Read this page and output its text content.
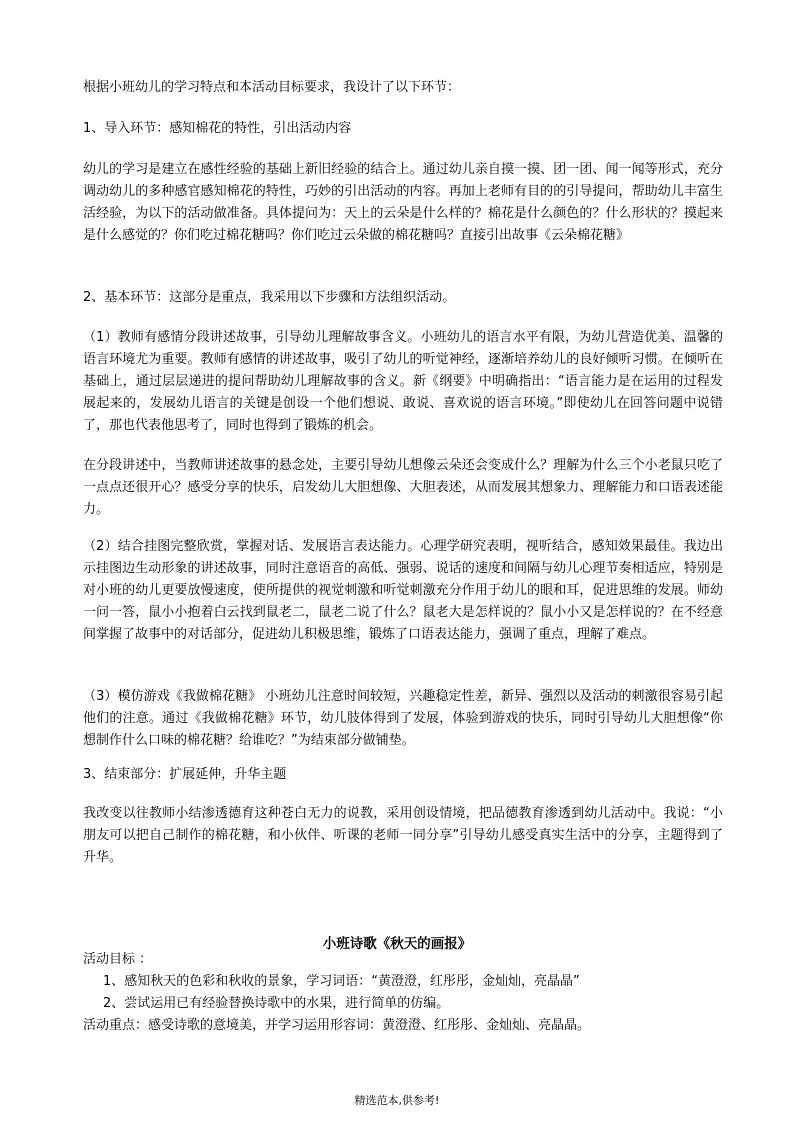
根据小班幼儿的学习特点和本活动目标要求，我设计了以下环节：

1、导入环节：感知棉花的特性，引出活动内容

幼儿的学习是建立在感性经验的基础上新旧经验的结合上。通过幼儿亲自摸一摸、团一团、闻一闻等形式，充分调动幼儿的多种感官感知棉花的特性，巧妙的引出活动的内容。再加上老师有目的的引导提问，帮助幼儿丰富生活经验，为以下的活动做准备。具体提问为：天上的云朵是什么样的？棉花是什么颜色的？什么形状的？摸起来是什么感觉的？你们吃过棉花糖吗？你们吃过云朵做的棉花糖吗？直接引出故事《云朵棉花糖》

2、基本环节：这部分是重点，我采用以下步骤和方法组织活动。

（1）教师有感情分段讲述故事，引导幼儿理解故事含义。小班幼儿的语言水平有限，为幼儿营造优美、温馨的语言环境尤为重要。教师有感情的讲述故事，吸引了幼儿的听觉神经，逐渐培养幼儿的良好倾听习惯。在倾听在基础上，通过层层递进的提问帮助幼儿理解故事的含义。新《纲要》中明确指出：“语言能力是在运用的过程发展起来的，发展幼儿语言的关键是创设一个他们想说、敢说、喜欢说的语言环境。”即使幼儿在回答问题中说错了，那也代表他思考了，同时也得到了锻炼的机会。

在分段讲述中，当教师讲述故事的悬念处，主要引导幼儿想像云朵还会变成什么？理解为什么三个小老鼠只吃了一点点还很开心？感受分享的快乐，启发幼儿大胆想像、大胆表述，从而发展其想象力、理解能力和口语表述能力。

（2）结合挂图完整欣赏，掌握对话、发展语言表达能力。心理学研究表明，视听结合，感知效果最佳。我边出示挂图边生动形象的讲述故事，同时注意语音的高低、强弱、说话的速度和间隔与幼儿心理节奏相适应，特别是对小班的幼儿更要放慢速度，使所提供的视觉刺激和听觉刺激充分作用于幼儿的眼和耳，促进思维的发展。师幼一问一答，鼠小小抱着白云找到鼠老二，鼠老二说了什么？鼠老大是怎样说的？鼠小小又是怎样说的？在不经意间掌握了故事中的对话部分，促进幼儿积极思维，锻炼了口语表达能力，强调了重点，理解了难点。

（3）模仿游戏《我做棉花糖》 小班幼儿注意时间较短，兴趣稳定性差，新异、强烈以及活动的刺激很容易引起他们的注意。通过《我做棉花糖》环节，幼儿肢体得到了发展，体验到游戏的快乐，同时引导幼儿大胆想像“你想制作什么口味的棉花糖？给谁吃？”为结束部分做铺垫。

3、结束部分：扩展延伸，升华主题

我改变以往教师小结渗透德育这种苍白无力的说教，采用创设情境，把品德教育渗透到幼儿活动中。我说：“小朋友可以把自己制作的棉花糖，和小伙伴、听课的老师一同分享”引导幼儿感受真实生活中的分享，主题得到了升华。

小班诗歌《秋天的画报》

活动目标 ：

1、感知秋天的色彩和秋收的景象，学习词语：“黄澄澄，红彤彤，金灿灿，亮晶晶”

2、尝试运用已有经验替换诗歌中的水果，进行简单的仿编。

活动重点：感受诗歌的意境美，并学习运用形容词：黄澄澄、红彤彤、金灿灿、亮晶晶。

精选范本,供参考!
